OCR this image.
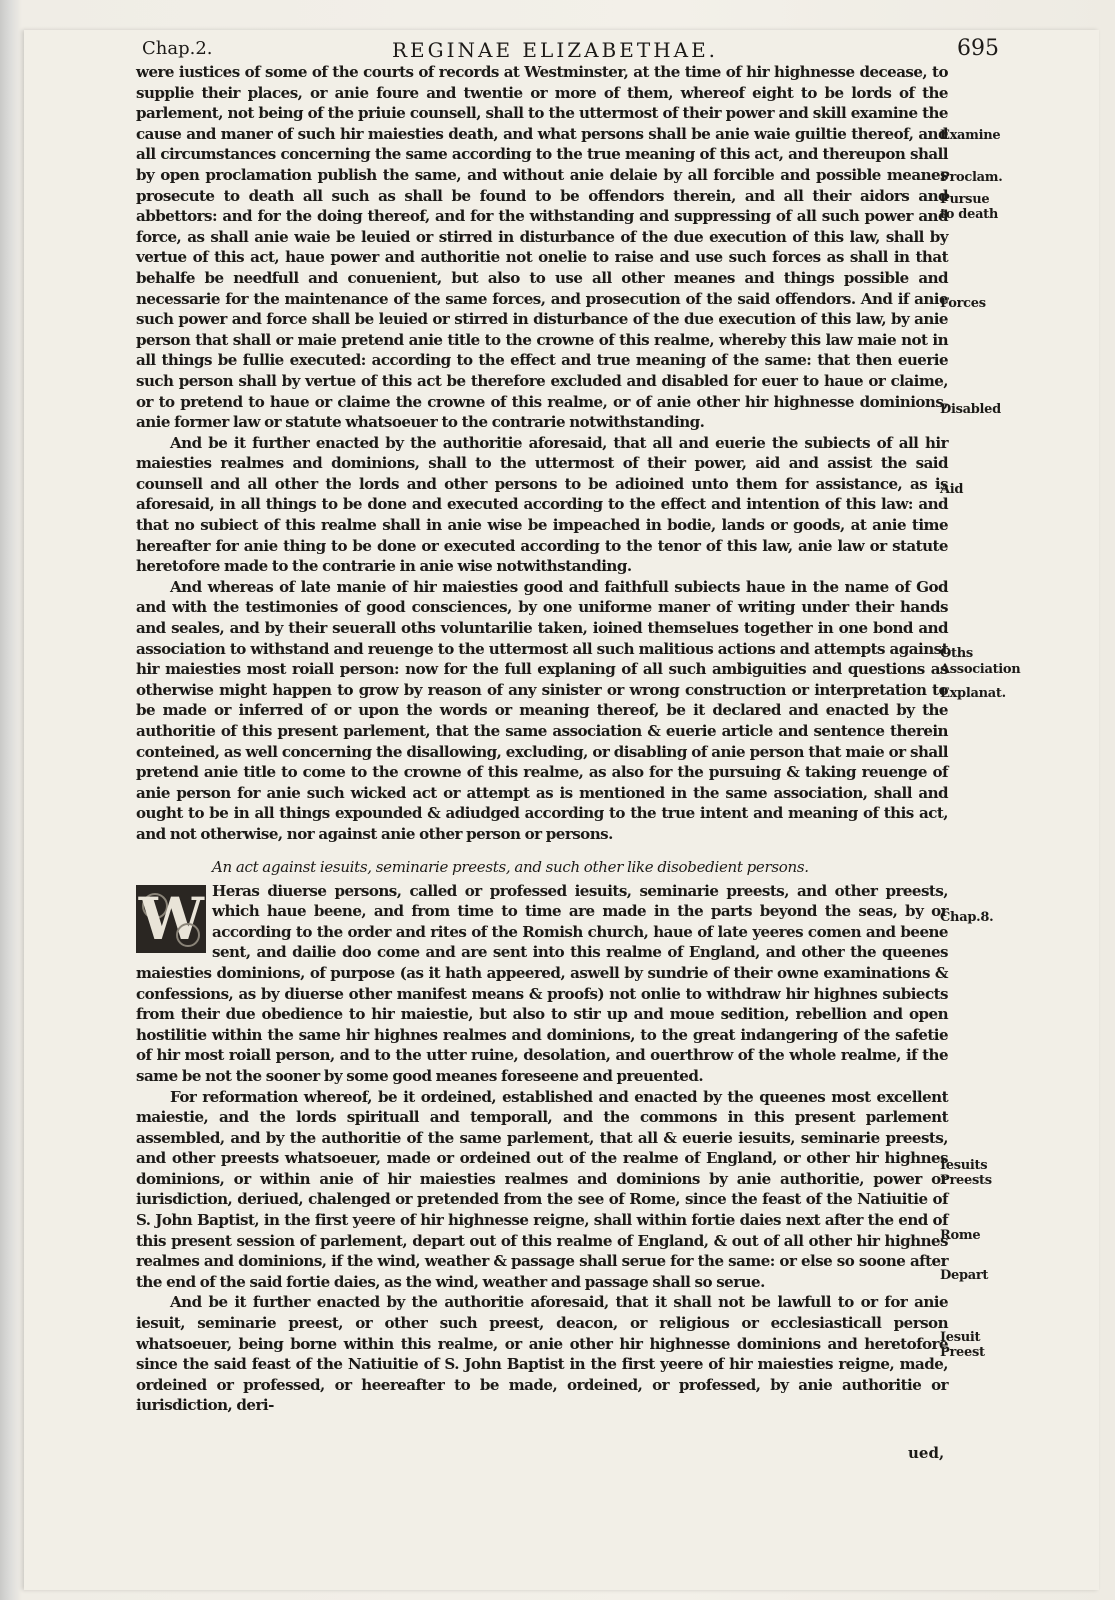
Chap.2.	REGINAE ELIZABETHAE.	695

were iustices of some of the courts of records at Westminster, at the time of hir highnesse decease, to supplie their places, or anie foure and twentie or more of them, whereof eight to be lords of the parlement, not being of the priuie counsell, shall to the uttermost of their power and skill examine the cause and maner of such hir maiesties death, and what persons shall be anie waie guiltie thereof, and all circumstances concerning the same according to the true meaning of this act, and thereupon shall by open proclamation publish the same, and without anie delaie by all forcible and possible meanes prosecute to death all such as shall be found to be offendors therein, and all their aidors and abbettors: and for the doing thereof, and for the withstanding and suppressing of all such power and force, as shall anie waie be leuied or stirred in disturbance of the due execution of this law, shall by vertue of this act, haue power and authoritie not onelie to raise and use such forces as shall in that behalfe be needfull and conuenient, but also to use all other meanes and things possible and necessarie for the maintenance of the same forces, and prosecution of the said offendors. And if anie such power and force shall be leuied or stirred in disturbance of the due execution of this law, by anie person that shall or maie pretend anie title to the crowne of this realme, whereby this law maie not in all things be fullie executed: according to the effect and true meaning of the same: that then euerie such person shall by vertue of this act be therefore excluded and disabled for euer to haue or claime, or to pretend to haue or claime the crowne of this realme, or of anie other hir highnesse dominions, anie former law or statute whatsoeuer to the contrarie notwithstanding.

And be it further enacted by the authoritie aforesaid, that all and euerie the subiects of all hir maiesties realmes and dominions, shall to the uttermost of their power, aid and assist the said counsell and all other the lords and other persons to be adioined unto them for assistance, as is aforesaid, in all things to be done and executed according to the effect and intention of this law: and that no subiect of this realme shall in anie wise be impeached in bodie, lands or goods, at anie time hereafter for anie thing to be done or executed according to the tenor of this law, anie law or statute heretofore made to the contrarie in anie wise notwithstanding.

And whereas of late manie of hir maiesties good and faithfull subiects haue in the name of God and with the testimonies of good consciences, by one uniforme maner of writing under their hands and seales, and by their seuerall oths voluntarilie taken, ioined themselues together in one bond and association to withstand and reuenge to the uttermost all such malitious actions and attempts against hir maiesties most roiall person: now for the full explaning of all such ambiguities and questions as otherwise might happen to grow by reason of any sinister or wrong construction or interpretation to be made or inferred of or upon the words or meaning thereof, be it declared and enacted by the authoritie of this present parlement, that the same association & euerie article and sentence therein conteined, as well concerning the disallowing, excluding, or disabling of anie person that maie or shall pretend anie title to come to the crowne of this realme, as also for the pursuing & taking reuenge of anie person for anie such wicked act or attempt as is mentioned in the same association, shall and ought to be in all things expounded & adiudged according to the true intent and meaning of this act, and not otherwise, nor against anie other person or persons.

An act against iesuits, seminarie preests, and such other like disobedient persons.
W Heras diuerse persons, called or professed iesuits, seminarie preests, and other preests, which haue beene, and from time to time are made in the parts beyond the seas, by or according to the order and rites of the Romish church, haue of late yeeres comen and beene sent, and dailie doo come and are sent into this realme of England, and other the queenes maiesties dominions, of purpose (as it hath appeered, aswell by sundrie of their owne examinations & confessions, as by diuerse other manifest means & proofs) not onlie to withdraw hir highnes subiects from their due obedience to hir maiestie, but also to stir up and moue sedition, rebellion and open hostilitie within the same hir highnes realmes and dominions, to the great indangering of the safetie of hir most roiall person, and to the utter ruine, desolation, and ouerthrow of the whole realme, if the same be not the sooner by some good meanes foreseene and preuented.

For reformation whereof, be it ordeined, established and enacted by the queenes most excellent maiestie, and the lords spirituall and temporall, and the commons in this present parlement assembled, and by the authoritie of the same parlement, that all & euerie iesuits, seminarie preests, and other preests whatsoeuer, made or ordeined out of the realme of England, or other hir highnes dominions, or within anie of hir maiesties realmes and dominions by anie authoritie, power or iurisdiction, deriued, chalenged or pretended from the see of Rome, since the feast of the Natiuitie of S. John Baptist, in the first yeere of hir highnesse reigne, shall within fortie daies next after the end of this present session of parlement, depart out of this realme of England, & out of all other hir highnes realmes and dominions, if the wind, weather & passage shall serue for the same: or else so soone after the end of the said fortie daies, as the wind, weather and passage shall so serue.

And be it further enacted by the authoritie aforesaid, that it shall not be lawfull to or for anie iesuit, seminarie preest, or other such preest, deacon, or religious or ecclesiasticall person whatsoeuer, being borne within this realme, or anie other hir highnesse dominions and heretofore since the said feast of the Natiuitie of S. John Baptist in the first yeere of hir maiesties reigne, made, ordeined or professed, or heereafter to be made, ordeined, or professed, by anie authoritie or iurisdiction, deri-

Examine
Proclam.
Pursue to death
Forces
Disabled
Aid
Oths
Association
Explanat.
Chap.8.
Iesuits Preests
Rome
Depart
Iesuit Preest
ued,
